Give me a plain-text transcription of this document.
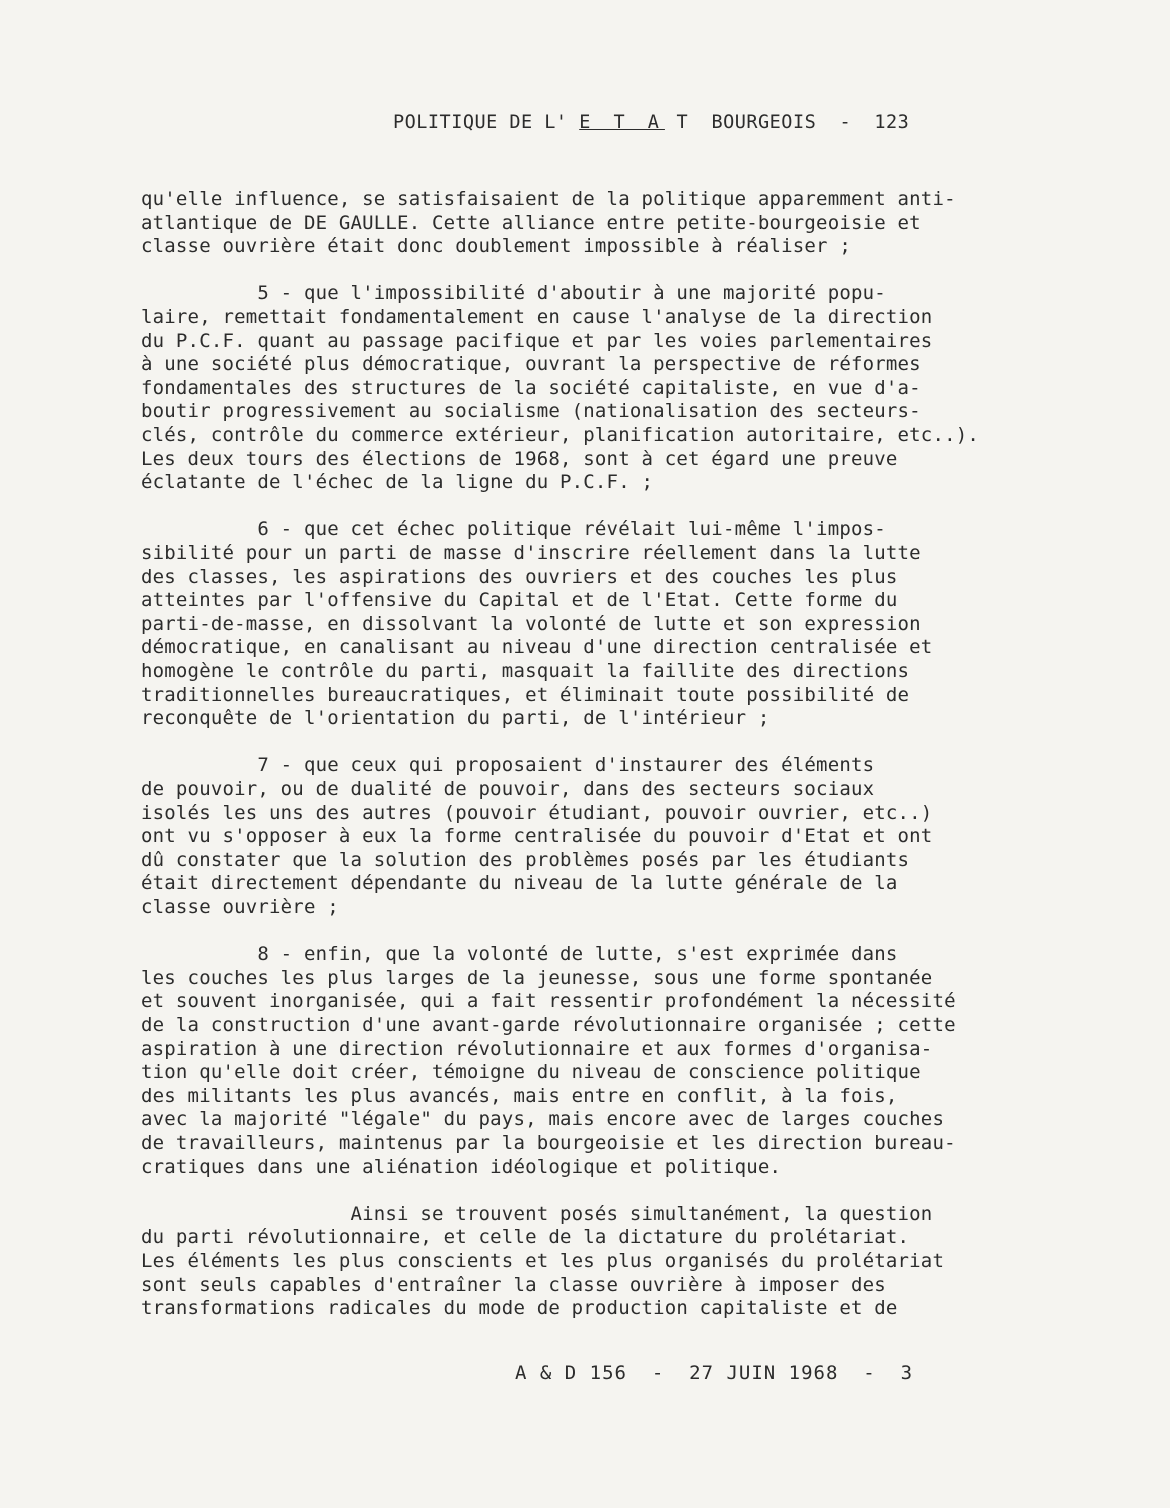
POLITIQUE DE L' E T A T  BOURGEOIS  -  123
qu'elle influence, se satisfaisaient de la politique apparemment anti-
atlantique de DE GAULLE. Cette alliance entre petite-bourgeoisie et
classe ouvrière était donc doublement impossible à réaliser ;
5 - que l'impossibilité d'aboutir à une majorité popu-
laire, remettait fondamentalement en cause l'analyse de la direction
du P.C.F. quant au passage pacifique et par les voies parlementaires
à une société plus démocratique, ouvrant la perspective de réformes
fondamentales des structures de la société capitaliste, en vue d'a-
boutir progressivement au socialisme (nationalisation des secteurs-
clés, contrôle du commerce extérieur, planification autoritaire, etc..).
Les deux tours des élections de 1968, sont à cet égard une preuve
éclatante de l'échec de la ligne du P.C.F. ;
6 - que cet échec politique révélait lui-même l'impos-
sibilité pour un parti de masse d'inscrire réellement dans la lutte
des classes, les aspirations des ouvriers et des couches les plus
atteintes par l'offensive du Capital et de l'Etat. Cette forme du
parti-de-masse, en dissolvant la volonté de lutte et son expression
démocratique, en canalisant au niveau d'une direction centralisée et
homogène le contrôle du parti, masquait la faillite des directions
traditionnelles bureaucratiques, et éliminait toute possibilité de
reconquête de l'orientation du parti, de l'intérieur ;
7 - que ceux qui proposaient d'instaurer des éléments
de pouvoir, ou de dualité de pouvoir, dans des secteurs sociaux
isolés les uns des autres (pouvoir étudiant, pouvoir ouvrier, etc..)
ont vu s'opposer à eux la forme centralisée du pouvoir d'Etat et ont
dû constater que la solution des problèmes posés par les étudiants
était directement dépendante du niveau de la lutte générale de la
classe ouvrière ;
8 - enfin, que la volonté de lutte, s'est exprimée dans
les couches les plus larges de la jeunesse, sous une forme spontanée
et souvent inorganisée, qui a fait ressentir profondément la nécessité
de la construction d'une avant-garde révolutionnaire organisée ; cette
aspiration à une direction révolutionnaire et aux formes d'organisa-
tion qu'elle doit créer, témoigne du niveau de conscience politique
des militants les plus avancés, mais entre en conflit, à la fois,
avec la majorité "légale" du pays, mais encore avec de larges couches
de travailleurs, maintenus par la bourgeoisie et les direction bureau-
cratiques dans une aliénation idéologique et politique.
Ainsi se trouvent posés simultanément, la question
du parti révolutionnaire, et celle de la dictature du prolétariat.
Les éléments les plus conscients et les plus organisés du prolétariat
sont seuls capables d'entraîner la classe ouvrière à imposer des
transformations radicales du mode de production capitaliste et de
A & D 156  -  27 JUIN 1968  -  3
